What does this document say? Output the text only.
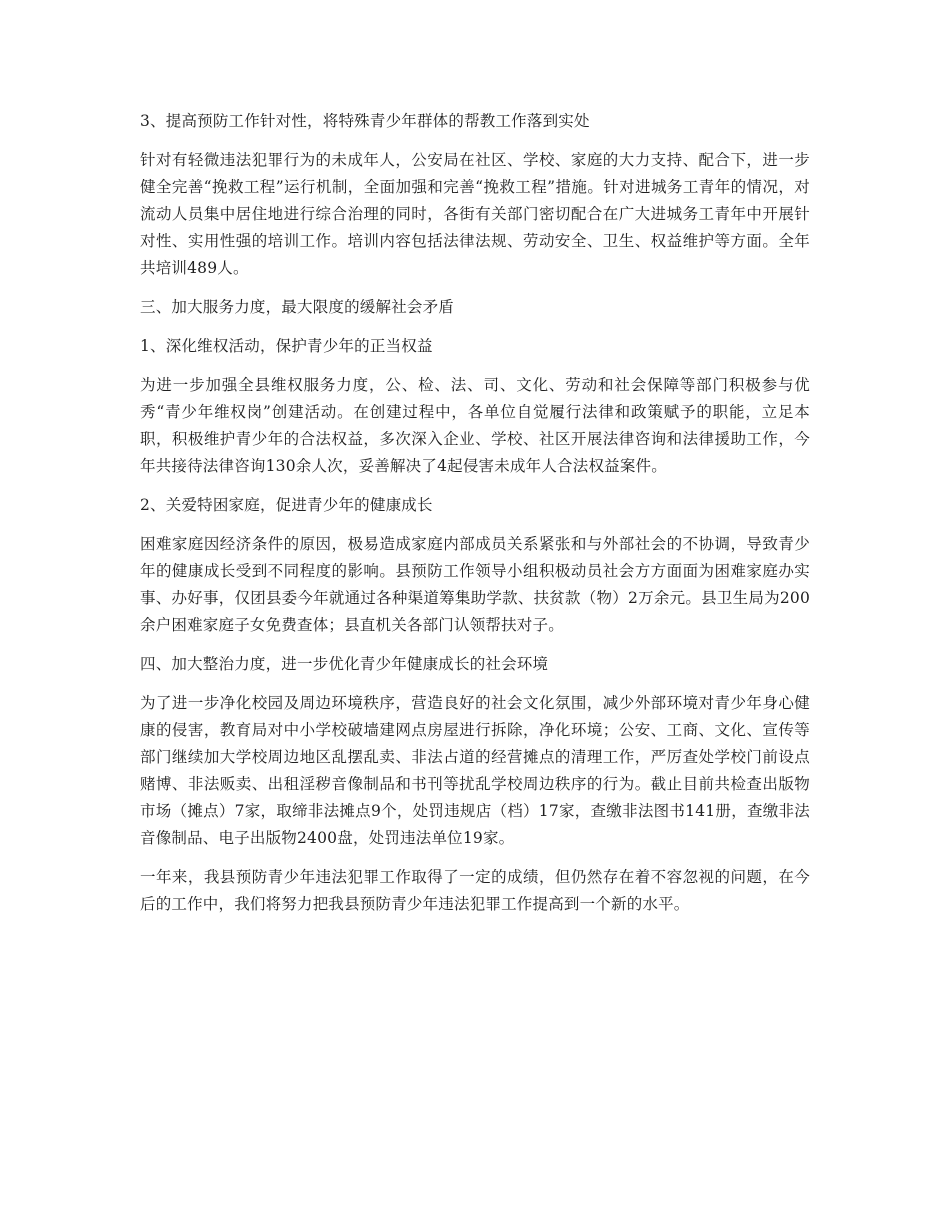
3、提高预防工作针对性，将特殊青少年群体的帮教工作落到实处

针对有轻微违法犯罪行为的未成年人，公安局在社区、学校、家庭的大力支持、配合下，进一步健全完善“挽救工程”运行机制，全面加强和完善“挽救工程”措施。针对进城务工青年的情况，对流动人员集中居住地进行综合治理的同时，各街有关部门密切配合在广大进城务工青年中开展针对性、实用性强的培训工作。培训内容包括法律法规、劳动安全、卫生、权益维护等方面。全年共培训489人。

三、加大服务力度，最大限度的缓解社会矛盾

1、深化维权活动，保护青少年的正当权益

为进一步加强全县维权服务力度，公、检、法、司、文化、劳动和社会保障等部门积极参与优秀“青少年维权岗”创建活动。在创建过程中，各单位自觉履行法律和政策赋予的职能，立足本职，积极维护青少年的合法权益，多次深入企业、学校、社区开展法律咨询和法律援助工作，今年共接待法律咨询130余人次，妥善解决了4起侵害未成年人合法权益案件。

2、关爱特困家庭，促进青少年的健康成长

困难家庭因经济条件的原因，极易造成家庭内部成员关系紧张和与外部社会的不协调，导致青少年的健康成长受到不同程度的影响。县预防工作领导小组积极动员社会方方面面为困难家庭办实事、办好事，仅团县委今年就通过各种渠道筹集助学款、扶贫款（物）2万余元。县卫生局为200余户困难家庭子女免费查体；县直机关各部门认领帮扶对子。

四、加大整治力度，进一步优化青少年健康成长的社会环境

为了进一步净化校园及周边环境秩序，营造良好的社会文化氛围，减少外部环境对青少年身心健康的侵害，教育局对中小学校破墙建网点房屋进行拆除，净化环境；公安、工商、文化、宣传等部门继续加大学校周边地区乱摆乱卖、非法占道的经营摊点的清理工作，严厉查处学校门前设点赌博、非法贩卖、出租淫秽音像制品和书刊等扰乱学校周边秩序的行为。截止目前共检查出版物市场（摊点）7家，取缔非法摊点9个，处罚违规店（档）17家，查缴非法图书141册，查缴非法音像制品、电子出版物2400盘，处罚违法单位19家。

一年来，我县预防青少年违法犯罪工作取得了一定的成绩，但仍然存在着不容忽视的问题，在今后的工作中，我们将努力把我县预防青少年违法犯罪工作提高到一个新的水平。
